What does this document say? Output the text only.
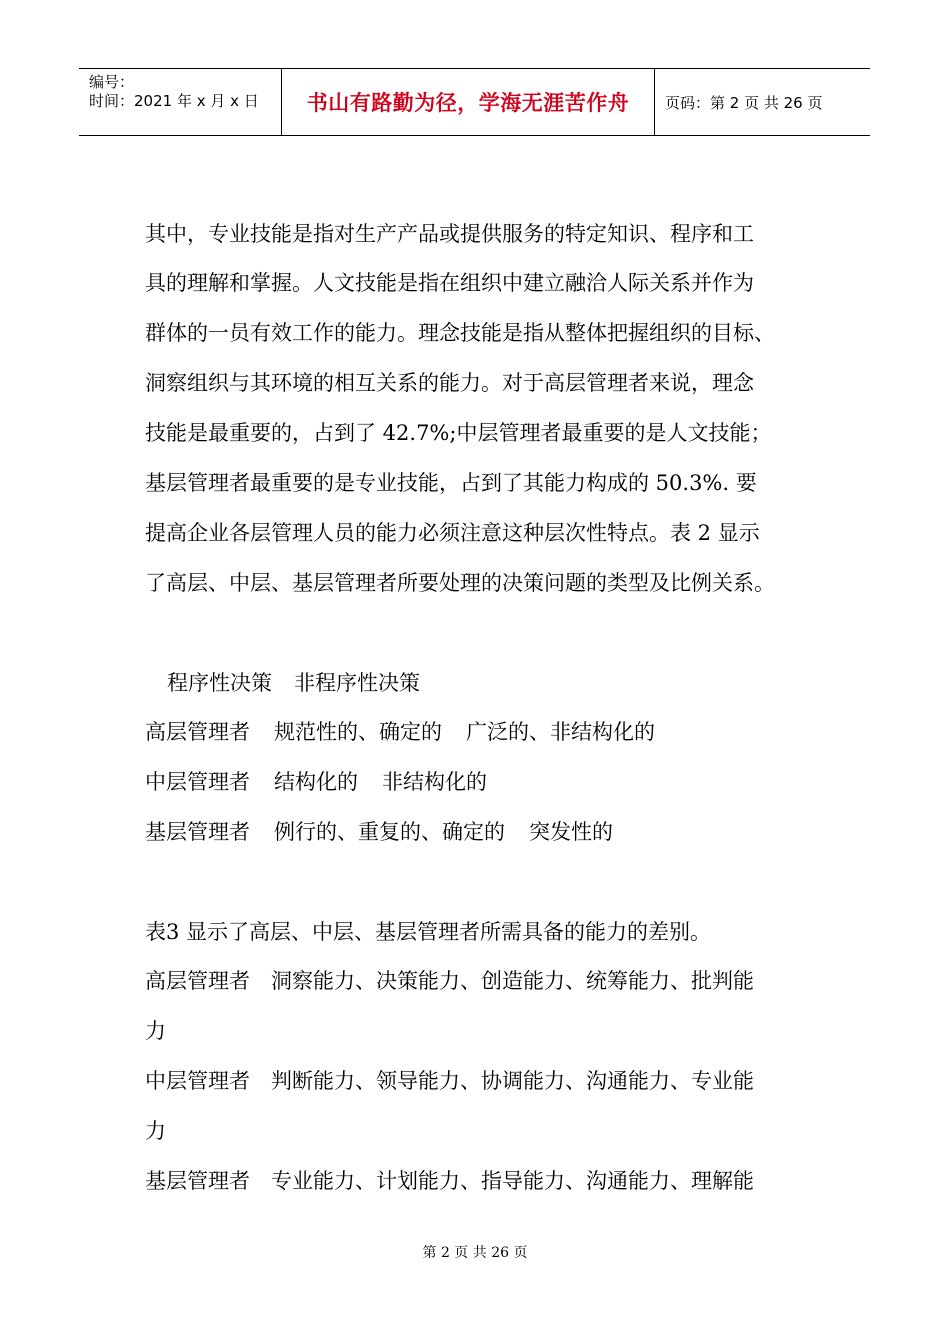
编号：
时间：2021 年 x 月 x 日	书山有路勤为径，学海无涯苦作舟	页码：第 2 页 共 26 页
其中，专业技能是指对生产产品或提供服务的特定知识、程序和工
具的理解和掌握。人文技能是指在组织中建立融洽人际关系并作为
群体的一员有效工作的能力。理念技能是指从整体把握组织的目标、
洞察组织与其环境的相互关系的能力。对于高层管理者来说，理念
技能是最重要的，占到了 42.7%;中层管理者最重要的是人文技能；
基层管理者最重要的是专业技能，占到了其能力构成的 50.3%. 要
提高企业各层管理人员的能力必须注意这种层次性特点。表 2 显示
了高层、中层、基层管理者所要处理的决策问题的类型及比例关系。
程序性决策 非程序性决策
高层管理者 规范性的、确定的 广泛的、非结构化的
中层管理者 结构化的 非结构化的
基层管理者 例行的、重复的、确定的 突发性的
表3 显示了高层、中层、基层管理者所需具备的能力的差别。
高层管理者　洞察能力、决策能力、创造能力、统筹能力、批判能
力
中层管理者　判断能力、领导能力、协调能力、沟通能力、专业能
力
基层管理者　专业能力、计划能力、指导能力、沟通能力、理解能
第 2 页 共 26 页
